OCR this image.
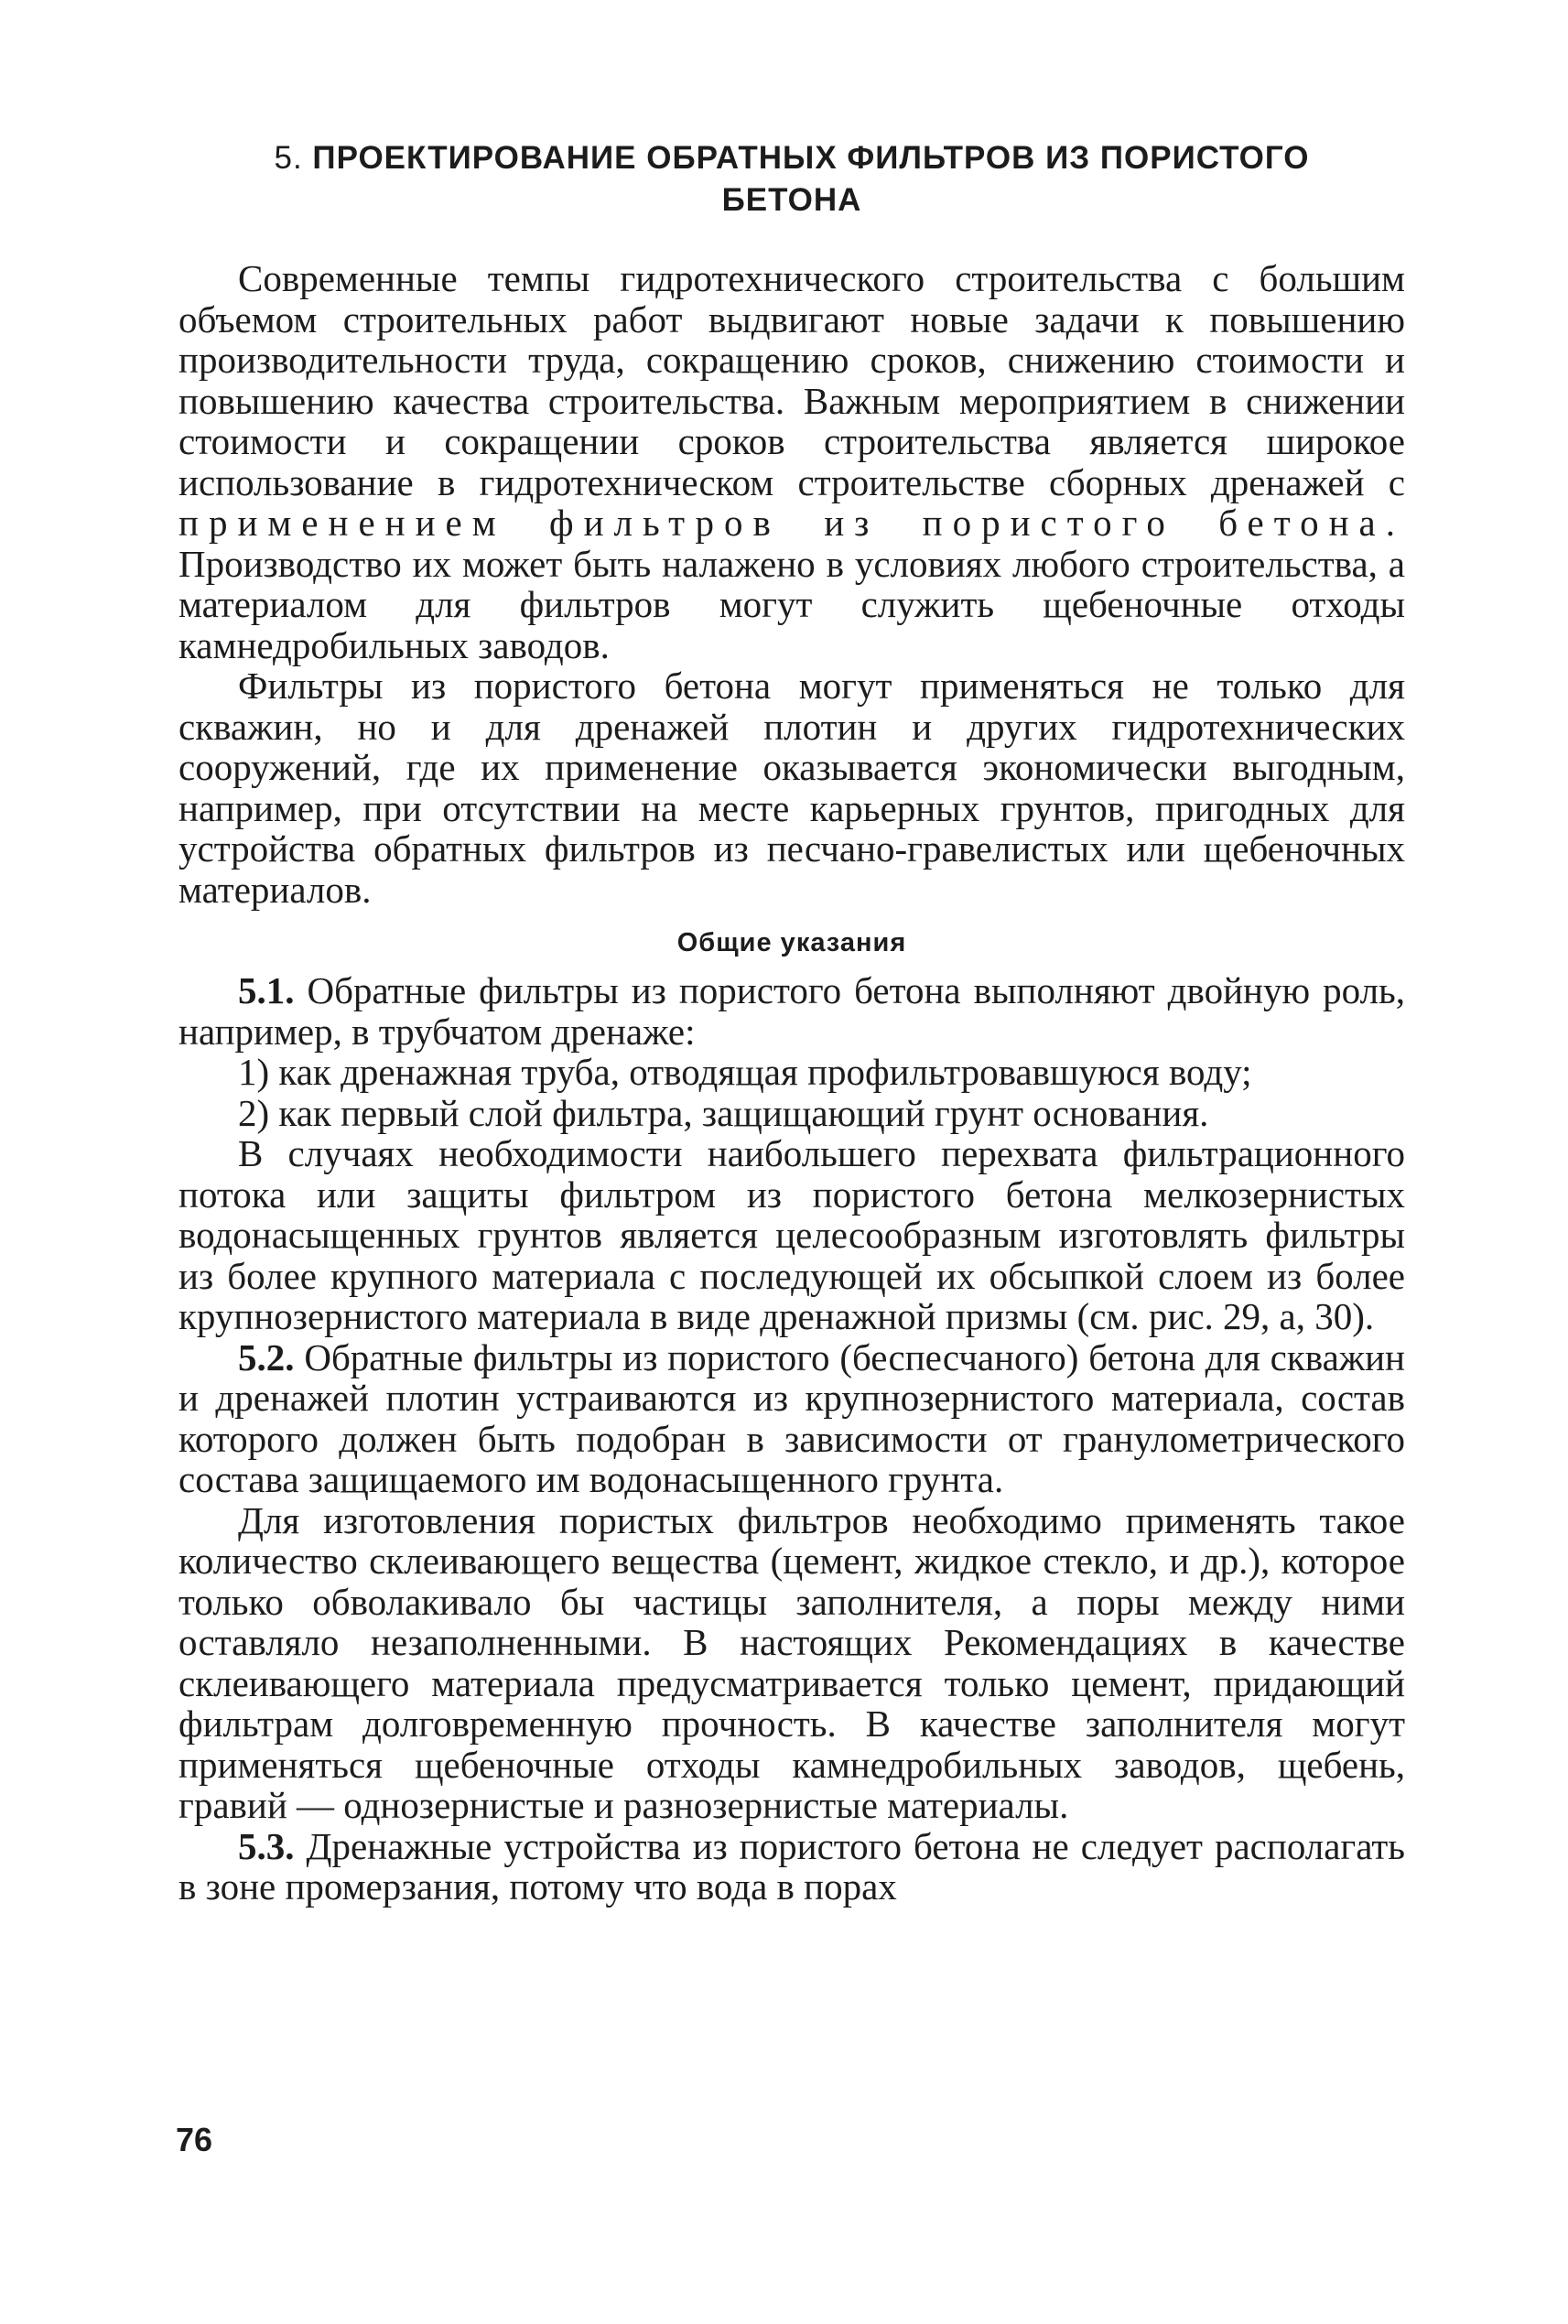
5. ПРОЕКТИРОВАНИЕ ОБРАТНЫХ ФИЛЬТРОВ ИЗ ПОРИСТОГО
БЕТОНА

Современные темпы гидротехнического строительства с большим объемом строительных работ выдвигают новые задачи к повышению производительности труда, сокращению сроков, снижению стоимости и повышению качества строительства. Важным мероприятием в снижении стоимости и сокращении сроков строительства является широкое использование в гидротехническом строительстве сборных дренажей с применением фильтров из пористого бетона. Производство их может быть налажено в условиях любого строительства, а материалом для фильтров могут служить щебеночные отходы камнедробильных заводов.

Фильтры из пористого бетона могут применяться не только для скважин, но и для дренажей плотин и других гидротехнических сооружений, где их применение оказывается экономически выгодным, например, при отсутствии на месте карьерных грунтов, пригодных для устройства обратных фильтров из песчано-гравелистых или щебеночных материалов.

Общие указания

5.1. Обратные фильтры из пористого бетона выполняют двойную роль, например, в трубчатом дренаже:

1) как дренажная труба, отводящая профильтровавшуюся воду;

2) как первый слой фильтра, защищающий грунт основания.

В случаях необходимости наибольшего перехвата фильтрационного потока или защиты фильтром из пористого бетона мелкозернистых водонасыщенных грунтов является целесообразным изготовлять фильтры из более крупного материала с последующей их обсыпкой слоем из более крупнозернистого материала в виде дренажной призмы (см. рис. 29, а, 30).

5.2. Обратные фильтры из пористого (беспесчаного) бетона для скважин и дренажей плотин устраиваются из крупнозернистого материала, состав которого должен быть подобран в зависимости от гранулометрического состава защищаемого им водонасыщенного грунта.

Для изготовления пористых фильтров необходимо применять такое количество склеивающего вещества (цемент, жидкое стекло, и др.), которое только обволакивало бы частицы заполнителя, а поры между ними оставляло незаполненными. В настоящих Рекомендациях в качестве склеивающего материала предусматривается только цемент, придающий фильтрам долговременную прочность. В качестве заполнителя могут применяться щебеночные отходы камнедробильных заводов, щебень, гравий — однозернистые и разнозернистые материалы.

5.3. Дренажные устройства из пористого бетона не следует располагать в зоне промерзания, потому что вода в порах

76
